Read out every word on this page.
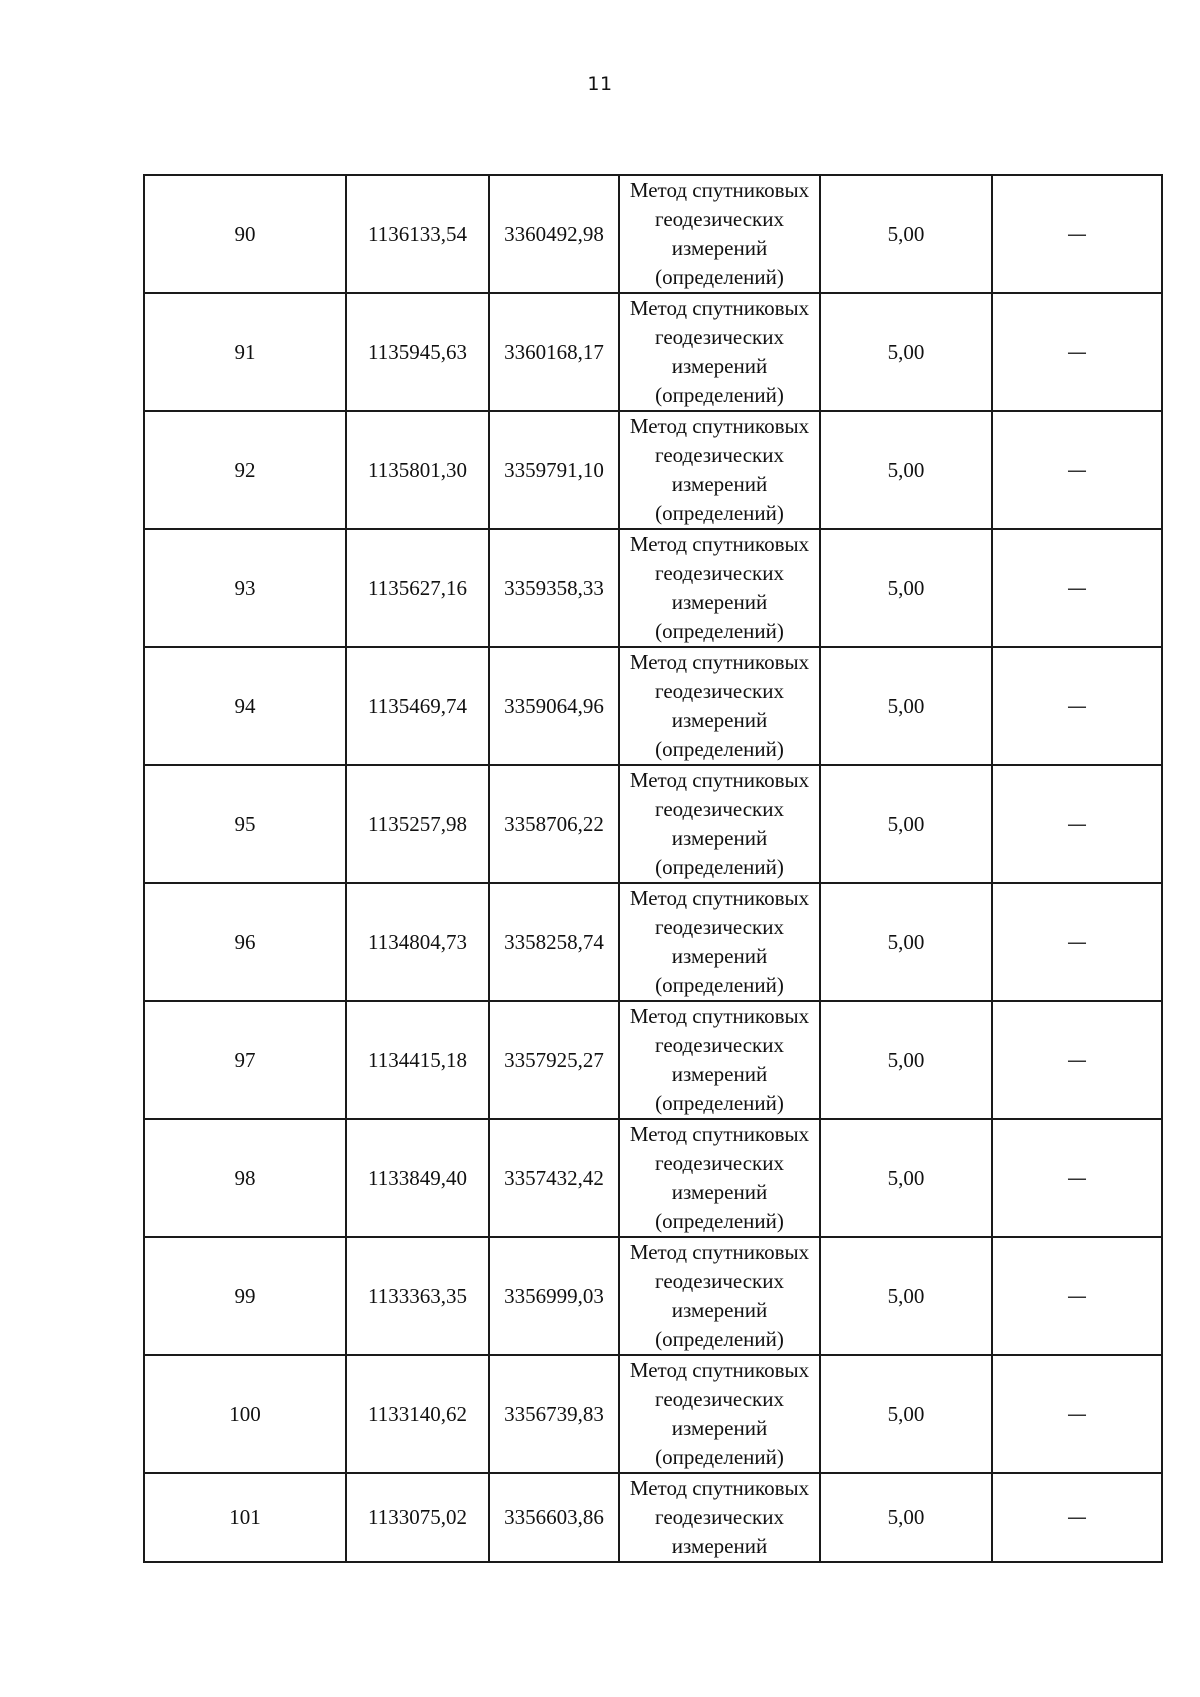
11
90	1136133,54	3360492,98	Метод спутниковых геодезических измерений (определений)	5,00	—
91	1135945,63	3360168,17	Метод спутниковых геодезических измерений (определений)	5,00	—
92	1135801,30	3359791,10	Метод спутниковых геодезических измерений (определений)	5,00	—
93	1135627,16	3359358,33	Метод спутниковых геодезических измерений (определений)	5,00	—
94	1135469,74	3359064,96	Метод спутниковых геодезических измерений (определений)	5,00	—
95	1135257,98	3358706,22	Метод спутниковых геодезических измерений (определений)	5,00	—
96	1134804,73	3358258,74	Метод спутниковых геодезических измерений (определений)	5,00	—
97	1134415,18	3357925,27	Метод спутниковых геодезических измерений (определений)	5,00	—
98	1133849,40	3357432,42	Метод спутниковых геодезических измерений (определений)	5,00	—
99	1133363,35	3356999,03	Метод спутниковых геодезических измерений (определений)	5,00	—
100	1133140,62	3356739,83	Метод спутниковых геодезических измерений (определений)	5,00	—
101	1133075,02	3356603,86	Метод спутниковых геодезических измерений	5,00	—
